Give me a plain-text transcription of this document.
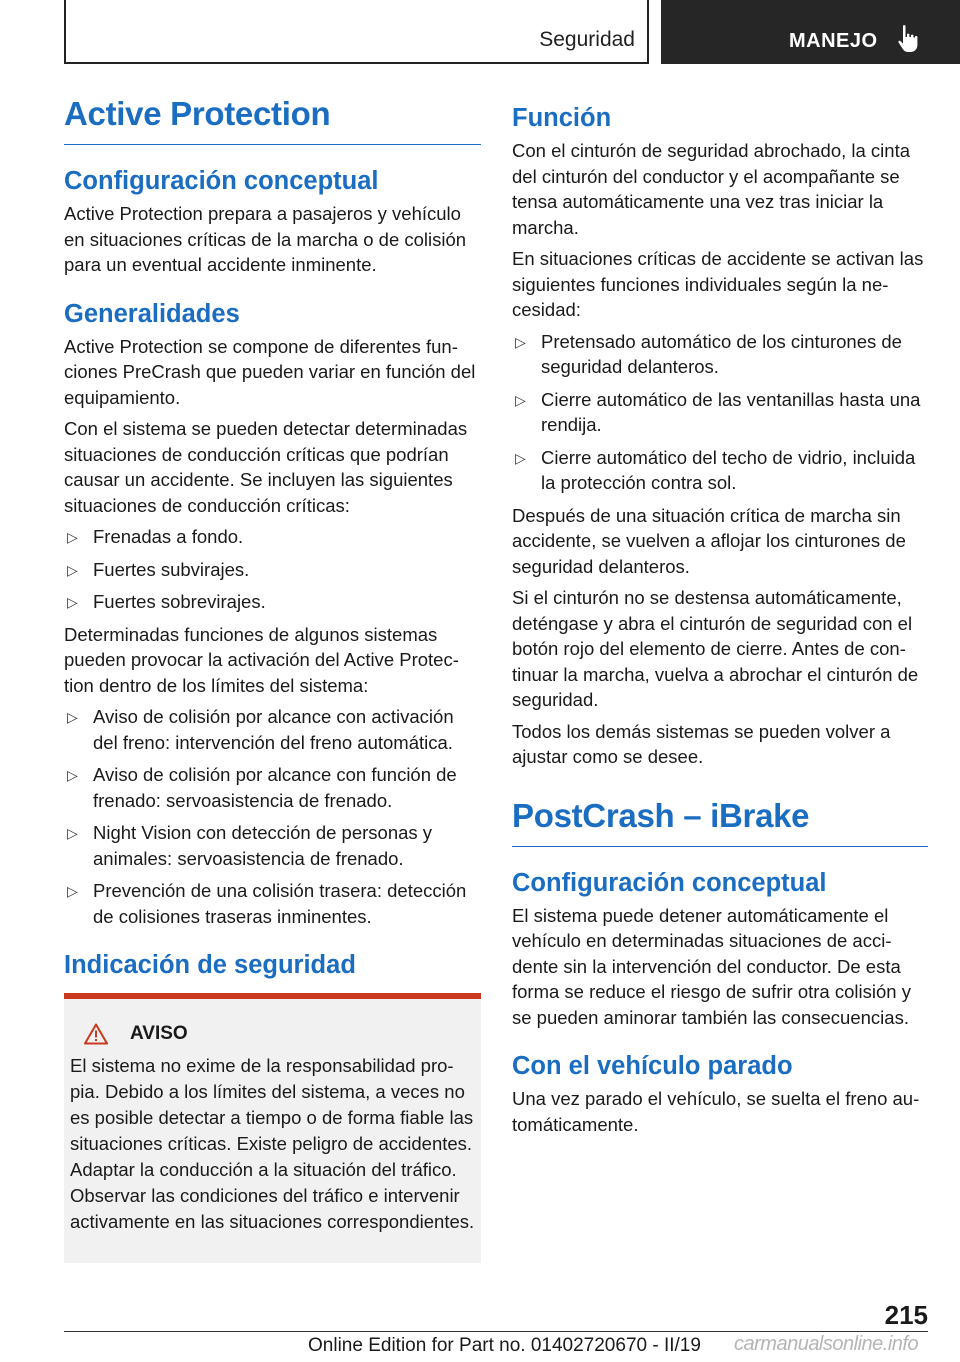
Seguridad	MANEJO
Active Protection
Configuración conceptual

Active Protection prepara a pasajeros y vehículo en situaciones críticas de la marcha o de colisión para un eventual accidente inminente.

Generalidades

Active Protection se compone de diferentes funciones PreCrash que pueden variar en función del equipamiento.

Con el sistema se pueden detectar determinadas situaciones de conducción críticas que podrían causar un accidente. Se incluyen las siguientes situaciones de conducción críticas:

▷ Frenadas a fondo.
▷ Fuertes subvirajes.
▷ Fuertes sobrevirajes.

Determinadas funciones de algunos sistemas pueden provocar la activación del Active Protection dentro de los límites del sistema:

▷ Aviso de colisión por alcance con activación del freno: intervención del freno automática.
▷ Aviso de colisión por alcance con función de frenado: servoasistencia de frenado.
▷ Night Vision con detección de personas y animales: servoasistencia de frenado.
▷ Prevención de una colisión trasera: detección de colisiones traseras inminentes.
Indicación de seguridad
AVISO

El sistema no exime de la responsabilidad propia. Debido a los límites del sistema, a veces no es posible detectar a tiempo o de forma fiable las situaciones críticas. Existe peligro de accidentes. Adaptar la conducción a la situación del tráfico. Observar las condiciones del tráfico e intervenir activamente en las situaciones correspondientes.

Función

Con el cinturón de seguridad abrochado, la cinta del cinturón del conductor y el acompañante se tensa automáticamente una vez tras iniciar la marcha.

En situaciones críticas de accidente se activan las siguientes funciones individuales según la necesidad:

▷ Pretensado automático de los cinturones de seguridad delanteros.
▷ Cierre automático de las ventanillas hasta una rendija.
▷ Cierre automático del techo de vidrio, incluida la protección contra sol.

Después de una situación crítica de marcha sin accidente, se vuelven a aflojar los cinturones de seguridad delanteros.

Si el cinturón no se destensa automáticamente, deténgase y abra el cinturón de seguridad con el botón rojo del elemento de cierre. Antes de continuar la marcha, vuelva a abrochar el cinturón de seguridad.

Todos los demás sistemas se pueden volver a ajustar como se desee.

PostCrash – iBrake
Configuración conceptual

El sistema puede detener automáticamente el vehículo en determinadas situaciones de accidente sin la intervención del conductor. De esta forma se reduce el riesgo de sufrir otra colisión y se pueden aminorar también las consecuencias.

Con el vehículo parado

Una vez parado el vehículo, se suelta el freno automáticamente.

215
Online Edition for Part no. 01402720670 - II/19 carmanualsonline.info
